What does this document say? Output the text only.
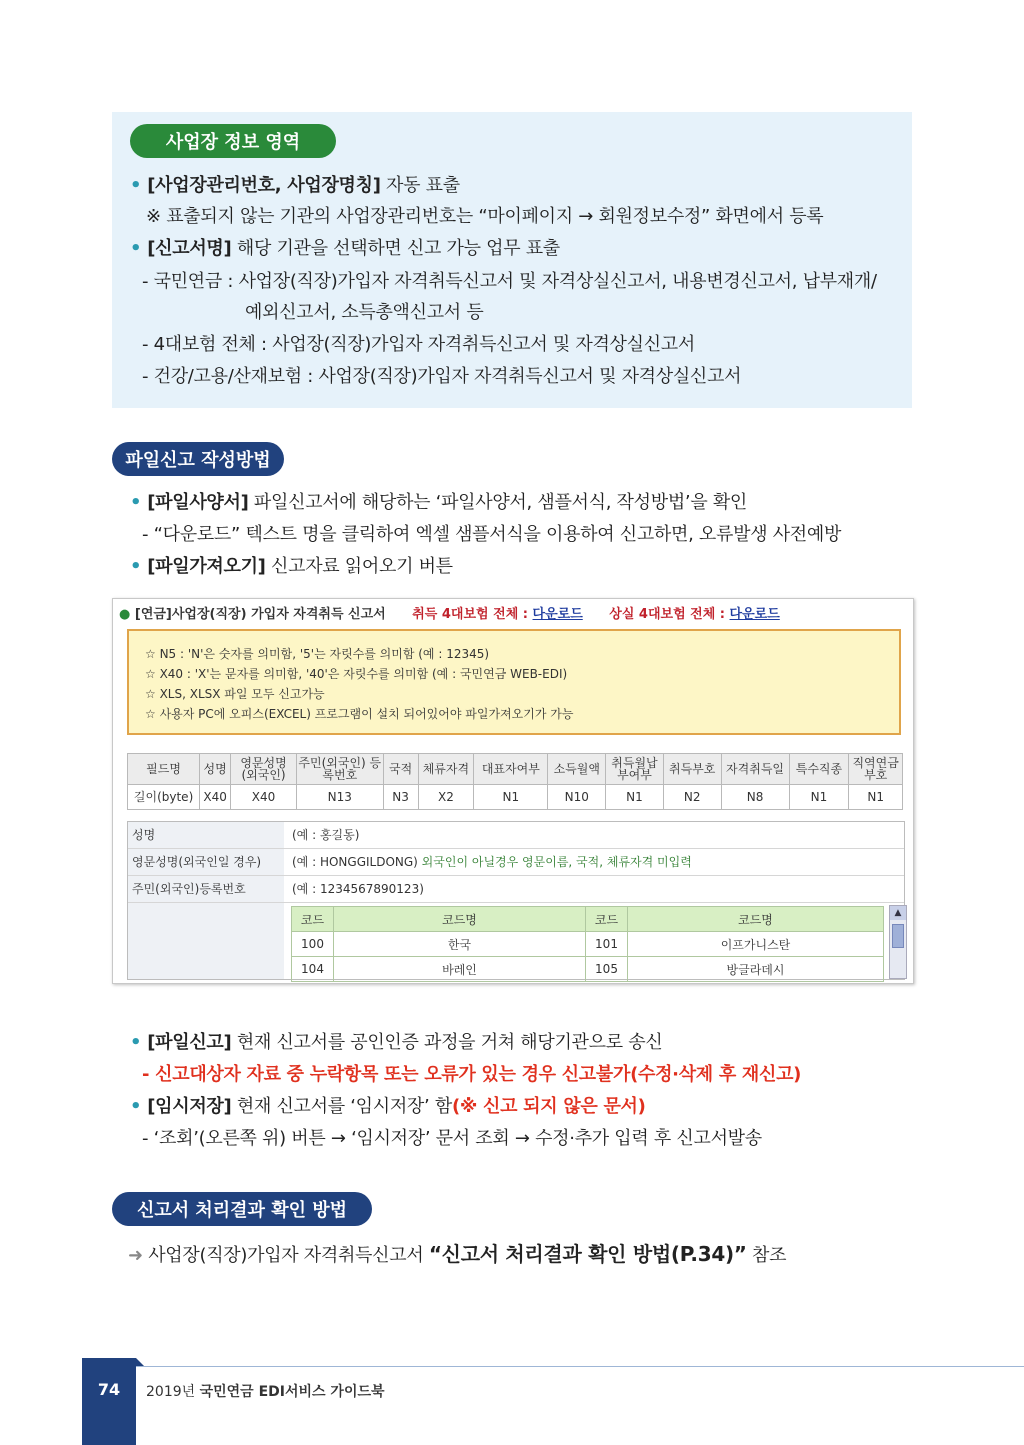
사업장 정보 영역
• [사업장관리번호, 사업장명칭] 자동 표출
※ 표출되지 않는 기관의 사업장관리번호는 “마이페이지 → 회원정보수정” 화면에서 등록
• [신고서명] 해당 기관을 선택하면 신고 가능 업무 표출
- 국민연금 : 사업장(직장)가입자 자격취득신고서 및 자격상실신고서, 내용변경신고서, 납부재개/
예외신고서, 소득총액신고서 등
- 4대보험 전체 : 사업장(직장)가입자 자격취득신고서 및 자격상실신고서
- 건강/고용/산재보험 : 사업장(직장)가입자 자격취득신고서 및 자격상실신고서
파일신고 작성방법
• [파일사양서] 파일신고서에 해당하는 ‘파일사양서, 샘플서식, 작성방법’을 확인
- “다운로드” 텍스트 명을 클릭하여 엑셀 샘플서식을 이용하여 신고하면, 오류발생 사전예방
• [파일가져오기] 신고자료 읽어오기 버튼
● [연금]사업장(직장) 가입자 자격취득 신고서 취득 4대보험 전체 : 다운로드 상실 4대보험 전체 : 다운로드
☆ N5 : 'N'은 숫자를 의미함, '5'는 자릿수를 의미함 (예 : 12345)
☆ X40 : 'X'는 문자를 의미함, '40'은 자릿수를 의미함 (예 : 국민연금 WEB-EDI)
☆ XLS, XLSX 파일 모두 신고가능
☆ 사용자 PC에 오피스(EXCEL) 프로그램이 설치 되어있어야 파일가져오기가 가능
필드명	성명	영문성명 (외국인)	주민(외국인) 등록번호	국적	체류자격	대표자여부	소득월액	취득월납 부여부	취득부호	자격취득일	특수직종	직역연금 부호
길이(byte)	X40	X40	N13	N3	X2	N1	N10	N1	N2	N8	N1	N1
성명	(예 : 홍길동)
영문성명(외국인일 경우)	(예 : HONGGILDONG) 외국인이 아닐경우 영문이름, 국적, 체류자격 미입력
주민(외국인)등록번호	(예 : 1234567890123)
코드	코드명	코드	코드명
100	한국	101	이프가니스탄
104	바레인	105	방글라데시
▲
• [파일신고] 현재 신고서를 공인인증 과정을 거쳐 해당기관으로 송신
- 신고대상자 자료 중 누락항목 또는 오류가 있는 경우 신고불가(수정·삭제 후 재신고)
• [임시저장] 현재 신고서를 ‘임시저장’ 함(※ 신고 되지 않은 문서)
- ‘조회’(오른쪽 위) 버튼 → ‘임시저장’ 문서 조회 → 수정·추가 입력 후 신고서발송
신고서 처리결과 확인 방법
➜ 사업장(직장)가입자 자격취득신고서 “신고서 처리결과 확인 방법(P.34)” 참조
74	2019년 국민연금 EDI서비스 가이드북
